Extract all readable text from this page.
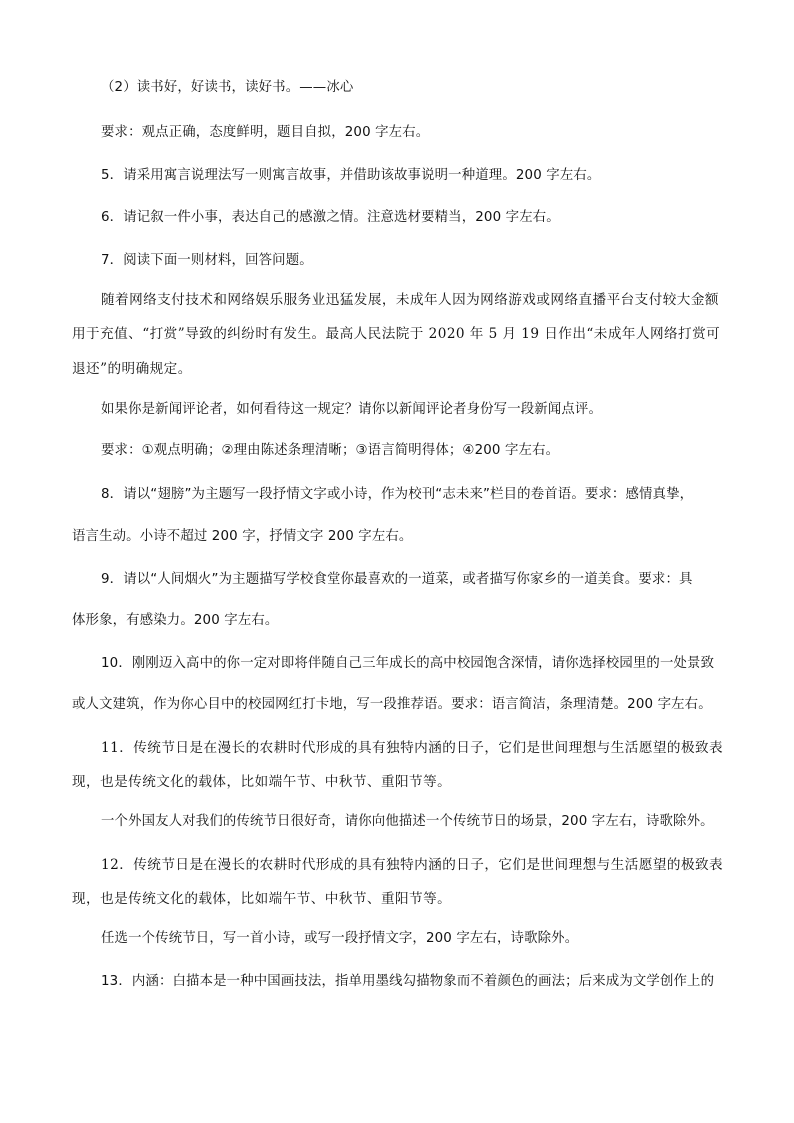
（2）读书好，好读书，读好书。——冰心
要求：观点正确，态度鲜明，题目自拟，200 字左右。
5．请采用寓言说理法写一则寓言故事，并借助该故事说明一种道理。200 字左右。
6．请记叙一件小事，表达自己的感激之情。注意选材要精当，200 字左右。
7．阅读下面一则材料，回答问题。
随着网络支付技术和网络娱乐服务业迅猛发展，未成年人因为网络游戏或网络直播平台支付较大金额
用于充值、“打赏”导致的纠纷时有发生。最高人民法院于 2020 年 5 月 19 日作出“未成年人网络打赏可
退还”的明确规定。
如果你是新闻评论者，如何看待这一规定？请你以新闻评论者身份写一段新闻点评。
要求：①观点明确；②理由陈述条理清晰；③语言简明得体；④200 字左右。
8．请以“翅膀”为主题写一段抒情文字或小诗，作为校刊“志未来”栏目的卷首语。要求：感情真挚，
语言生动。小诗不超过 200 字，抒情文字 200 字左右。
9．请以“人间烟火”为主题描写学校食堂你最喜欢的一道菜，或者描写你家乡的一道美食。要求：具
体形象，有感染力。200 字左右。
10．刚刚迈入高中的你一定对即将伴随自己三年成长的高中校园饱含深情，请你选择校园里的一处景致
或人文建筑，作为你心目中的校园网红打卡地，写一段推荐语。要求：语言简洁，条理清楚。200 字左右。
11．传统节日是在漫长的农耕时代形成的具有独特内涵的日子，它们是世间理想与生活愿望的极致表
现，也是传统文化的载体，比如端午节、中秋节、重阳节等。
一个外国友人对我们的传统节日很好奇，请你向他描述一个传统节日的场景，200 字左右，诗歌除外。
12．传统节日是在漫长的农耕时代形成的具有独特内涵的日子，它们是世间理想与生活愿望的极致表
现，也是传统文化的载体，比如端午节、中秋节、重阳节等。
任选一个传统节日，写一首小诗，或写一段抒情文字，200 字左右，诗歌除外。
13．内涵：白描本是一种中国画技法，指单用墨线勾描物象而不着颜色的画法；后来成为文学创作上的
